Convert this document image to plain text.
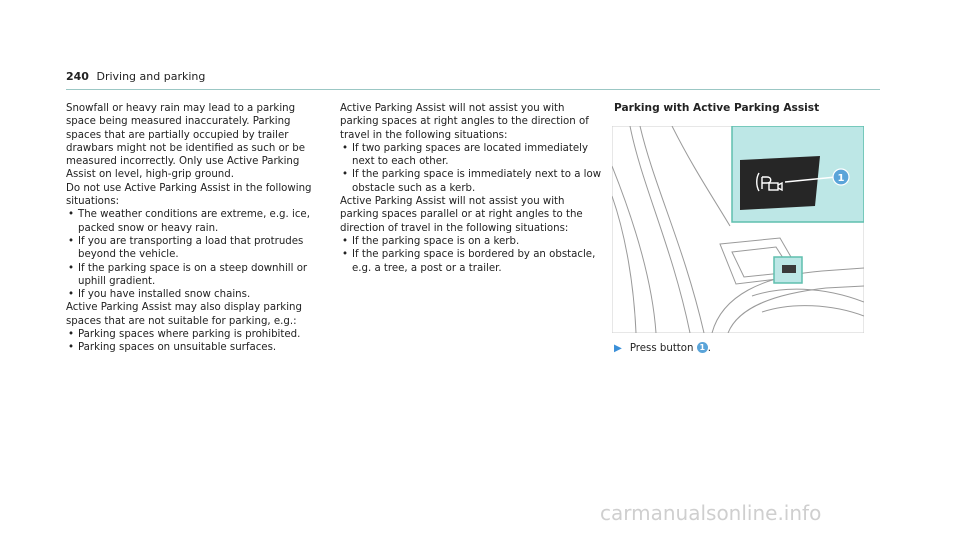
240 Driving and parking

Snowfall or heavy rain may lead to a parking space being measured inaccurately. Parking spaces that are partially occupied by trailer drawbars might not be identified as such or be measured incorrectly. Only use Active Parking Assist on level, high-grip ground.

Do not use Active Parking Assist in the following situations:

• The weather conditions are extreme, e.g. ice, packed snow or heavy rain.
• If you are transporting a load that protrudes beyond the vehicle.
• If the parking space is on a steep downhill or uphill gradient.
• If you have installed snow chains.

Active Parking Assist may also display parking spaces that are not suitable for parking, e.g.:

• Parking spaces where parking is prohibited.
• Parking spaces on unsuitable surfaces.

Active Parking Assist will not assist you with parking spaces at right angles to the direction of travel in the following situations:

• If two parking spaces are located immediately next to each other.
• If the parking space is immediately next to a low obstacle such as a kerb.

Active Parking Assist will not assist you with parking spaces parallel or at right angles to the direction of travel in the following situations:

• If the parking space is on a kerb.
• If the parking space is bordered by an obstacle, e.g. a tree, a post or a trailer.
Parking with Active Parking Assist
1
▶ Press button 1 .
carmanualsonline.info
